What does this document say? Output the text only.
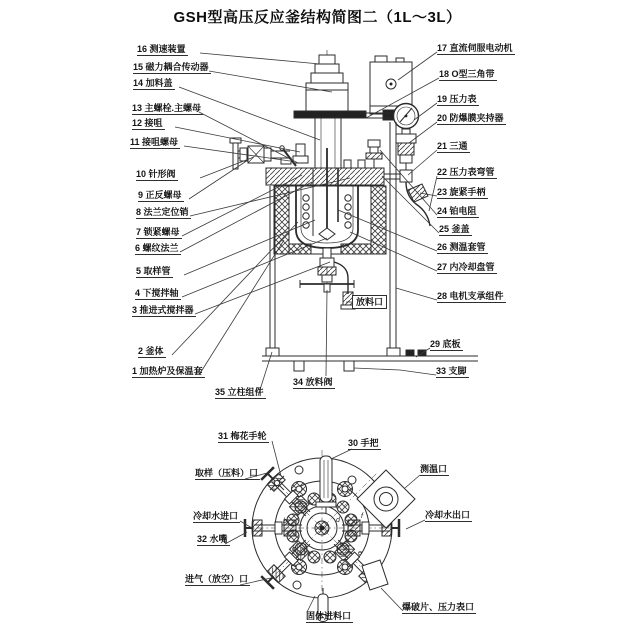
GSH型高压反应釜结构简图二（1L～3L）
b
c
d
e
f
16 测速装置
15 磁力耦合传动器
14 加料盖
13 主螺栓.主螺母
12 接咀
11 接咀螺母
10 针形阀
9 正反螺母
8 法兰定位销
7 锁紧螺母
6 螺纹法兰
5 取样管
4 下搅拌轴
3 推进式搅拌器
2 釜体
1 加热炉及保温套
17 直流伺服电动机
18 O型三角带
19 压力表
20 防爆膜夹持器
21 三通
22 压力表弯管
23 旋紧手柄
24 铂电阻
25 釜盖
26 测温套管
27 内冷却盘管
28 电机支承组件
29 底板
33 支脚
35 立柱组件
34 放料阀
放料口
31 梅花手轮
30 手把
取样（压料）口	测温口
冷却水进口	冷却水出口
32 水嘴
进气（放空）口
固体进料口
爆破片、压力表口
